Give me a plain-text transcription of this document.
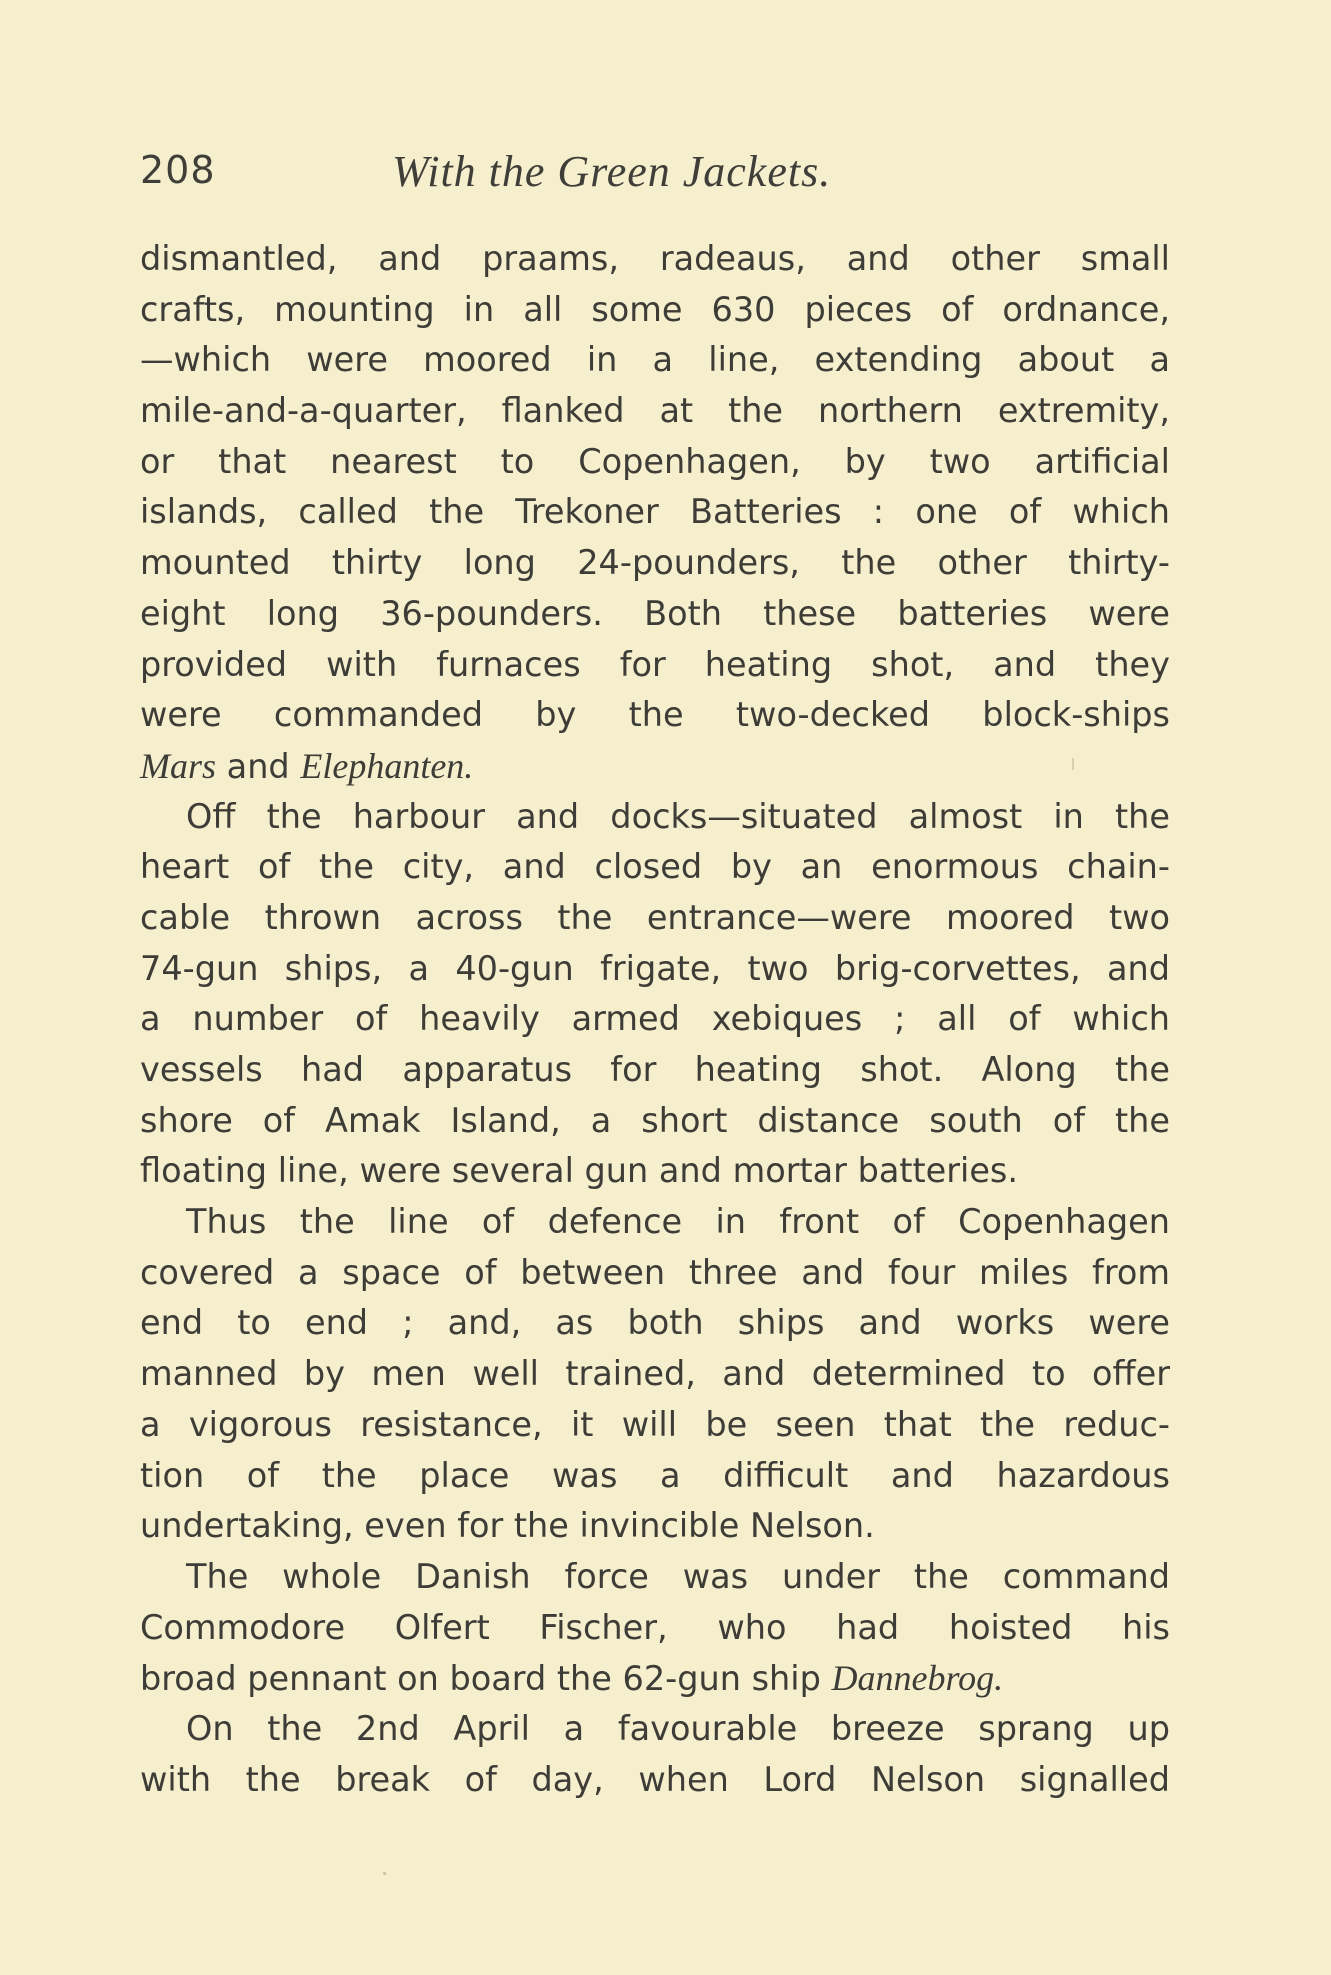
208	With the Green Jackets.
dismantled, and praams, radeaus, and other small
crafts, mounting in all some 630 pieces of ordnance,
—which were moored in a line, extending about a
mile-and-a-quarter, flanked at the northern extremity,
or that nearest to Copenhagen, by two artificial
islands, called the Trekoner Batteries : one of which
mounted thirty long 24-pounders, the other thirty-
eight long 36-pounders. Both these batteries were
provided with furnaces for heating shot, and they
were commanded by the two-decked block-ships
Mars and Elephanten.
Off the harbour and docks—situated almost in the
heart of the city, and closed by an enormous chain-
cable thrown across the entrance—were moored two
74-gun ships, a 40-gun frigate, two brig-corvettes, and
a number of heavily armed xebiques ; all of which
vessels had apparatus for heating shot. Along the
shore of Amak Island, a short distance south of the
floating line, were several gun and mortar batteries.
Thus the line of defence in front of Copenhagen
covered a space of between three and four miles from
end to end ; and, as both ships and works were
manned by men well trained, and determined to offer
a vigorous resistance, it will be seen that the reduc-
tion of the place was a difficult and hazardous
undertaking, even for the invincible Nelson.
The whole Danish force was under the command
Commodore Olfert Fischer, who had hoisted his
broad pennant on board the 62-gun ship Dannebrog.
On the 2nd April a favourable breeze sprang up
with the break of day, when Lord Nelson signalled
